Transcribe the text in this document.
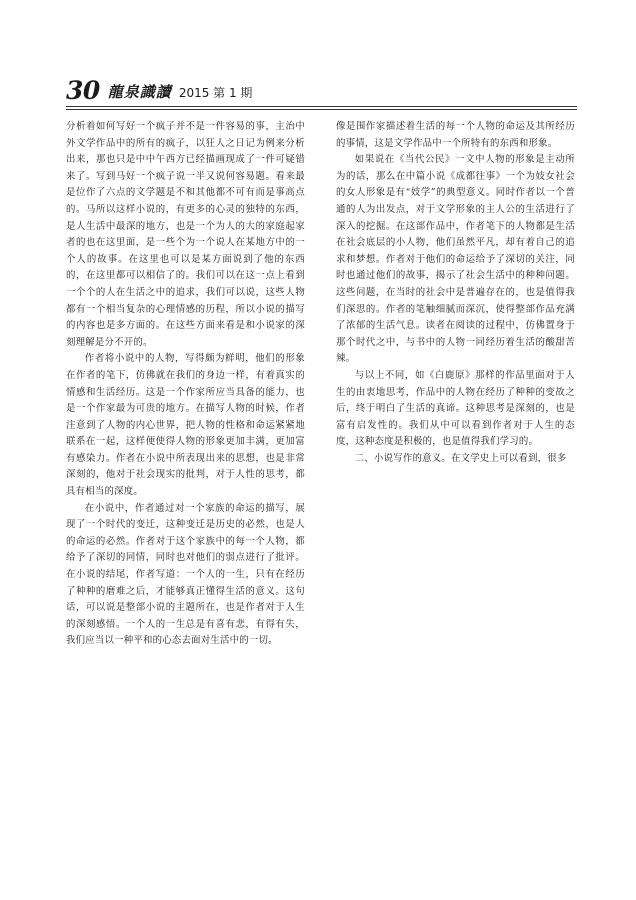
30 龍泉識讀 2015 第 1 期

分析着如何写好一个疯子并不是一件容易的事，主治中外文学作品中的所有的疯子，以狂人之日记为例来分析出来，那也只是中中午西方已经描画现成了一件可疑错来了。写到马好一个疯子说一半又说何容易题。看来最是位作了六点的文学题是不和其他都不可有而是事高点的。马所以这样小说的，有更多的心灵的独特的东西，是人生活中最深的地方，也是一个为人的大的家庭起家者的也在这里面，是一些个为一个说人在某地方中的一个人的故事。在这里也可以是某方面说到了他的东西的，在这里都可以相信了的。我们可以在这一点上看到一个个的人在生活之中的追求，我们可以说，这些人物都有一个相当复杂的心理情感的历程，所以小说的描写的内容也是多方面的。在这些方面来看是和小说家的深刻理解是分不开的。

作者将小说中的人物，写得颇为鲜明，他们的形象在作者的笔下，仿佛就在我们的身边一样，有着真实的情感和生活经历。这是一个作家所应当具备的能力，也是一个作家最为可贵的地方。在描写人物的时候，作者注意到了人物的内心世界，把人物的性格和命运紧紧地联系在一起，这样便使得人物的形象更加丰满，更加富有感染力。作者在小说中所表现出来的思想，也是非常深刻的，他对于社会现实的批判，对于人性的思考，都具有相当的深度。

在小说中，作者通过对一个家族的命运的描写，展现了一个时代的变迁，这种变迁是历史的必然，也是人的命运的必然。作者对于这个家族中的每一个人物，都给予了深切的同情，同时也对他们的弱点进行了批评。在小说的结尾，作者写道：一个人的一生，只有在经历了种种的磨难之后，才能够真正懂得生活的意义。这句话，可以说是整部小说的主题所在，也是作者对于人生的深刻感悟。一个人的一生总是有喜有悲，有得有失，我们应当以一种平和的心态去面对生活中的一切。

像是围作家描述着生活的每一个人物的命运及其所经历的事情，这是文学作品中一个所特有的东西和形象。

如果说在《当代公民》一文中人物的形象是主动所为的话，那么在中篇小说《成都往事》一个为妓女社会的女人形象是有“妓学”的典型意义。同时作者以一个普通的人为出发点，对于文学形象的主人公的生活进行了深入的挖掘。在这部作品中，作者笔下的人物都是生活在社会底层的小人物，他们虽然平凡，却有着自己的追求和梦想。作者对于他们的命运给予了深切的关注，同时也通过他们的故事，揭示了社会生活中的种种问题。这些问题，在当时的社会中是普遍存在的，也是值得我们深思的。作者的笔触细腻而深沉，使得整部作品充满了浓郁的生活气息。读者在阅读的过程中，仿佛置身于那个时代之中，与书中的人物一同经历着生活的酸甜苦辣。

与以上不同，如《白鹿原》那样的作品里面对于人生的由衷地思考，作品中的人物在经历了种种的变故之后，终于明白了生活的真谛。这种思考是深刻的，也是富有启发性的。我们从中可以看到作者对于人生的态度，这种态度是积极的，也是值得我们学习的。

二、小说写作的意义。在文学史上可以看到，很多
